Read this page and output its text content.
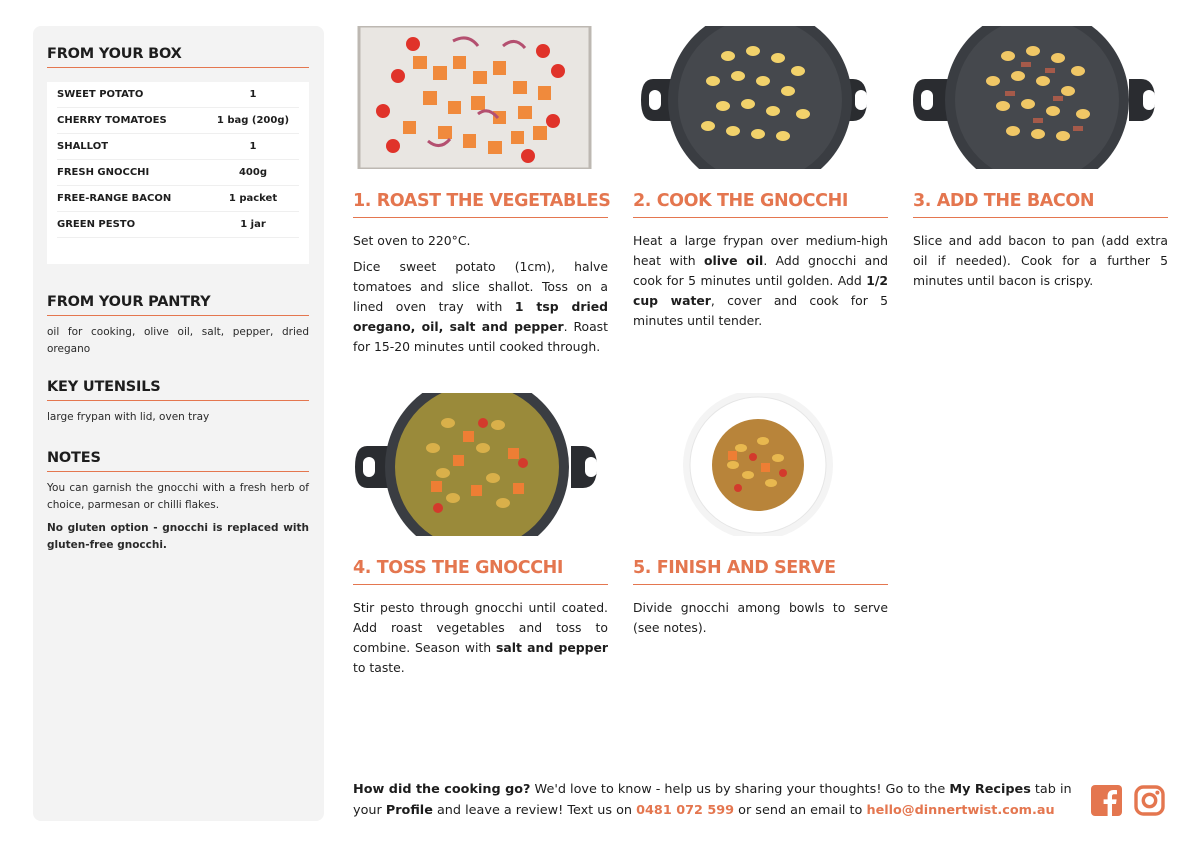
FROM YOUR BOX
SWEET POTATO	1
CHERRY TOMATOES	1 bag (200g)
SHALLOT	1
FRESH GNOCCHI	400g
FREE-RANGE BACON	1 packet
GREEN PESTO	1 jar
FROM YOUR PANTRY

oil for cooking, olive oil, salt, pepper, dried oregano

KEY UTENSILS

large frypan with lid, oven tray

NOTES

You can garnish the gnocchi with a fresh herb of choice, parmesan or chilli flakes.

No gluten option - gnocchi is replaced with gluten-free gnocchi.

1. ROAST THE VEGETABLES

Set oven to 220°C.

Dice sweet potato (1cm), halve tomatoes and slice shallot. Toss on a lined oven tray with 1 tsp dried oregano, oil, salt and pepper. Roast for 15-20 minutes until cooked through.

2. COOK THE GNOCCHI

Heat a large frypan over medium-high heat with olive oil. Add gnocchi and cook for 5 minutes until golden. Add 1/2 cup water, cover and cook for 5 minutes until tender.

3. ADD THE BACON

Slice and add bacon to pan (add extra oil if needed). Cook for a further 5 minutes until bacon is crispy.

4. TOSS THE GNOCCHI

Stir pesto through gnocchi until coated. Add roast vegetables and toss to combine. Season with salt and pepper to taste.

5. FINISH AND SERVE

Divide gnocchi among bowls to serve (see notes).

How did the cooking go? We'd love to know - help us by sharing your thoughts! Go to the My Recipes tab in your Profile and leave a review! Text us on 0481 072 599 or send an email to hello@dinnertwist.com.au
